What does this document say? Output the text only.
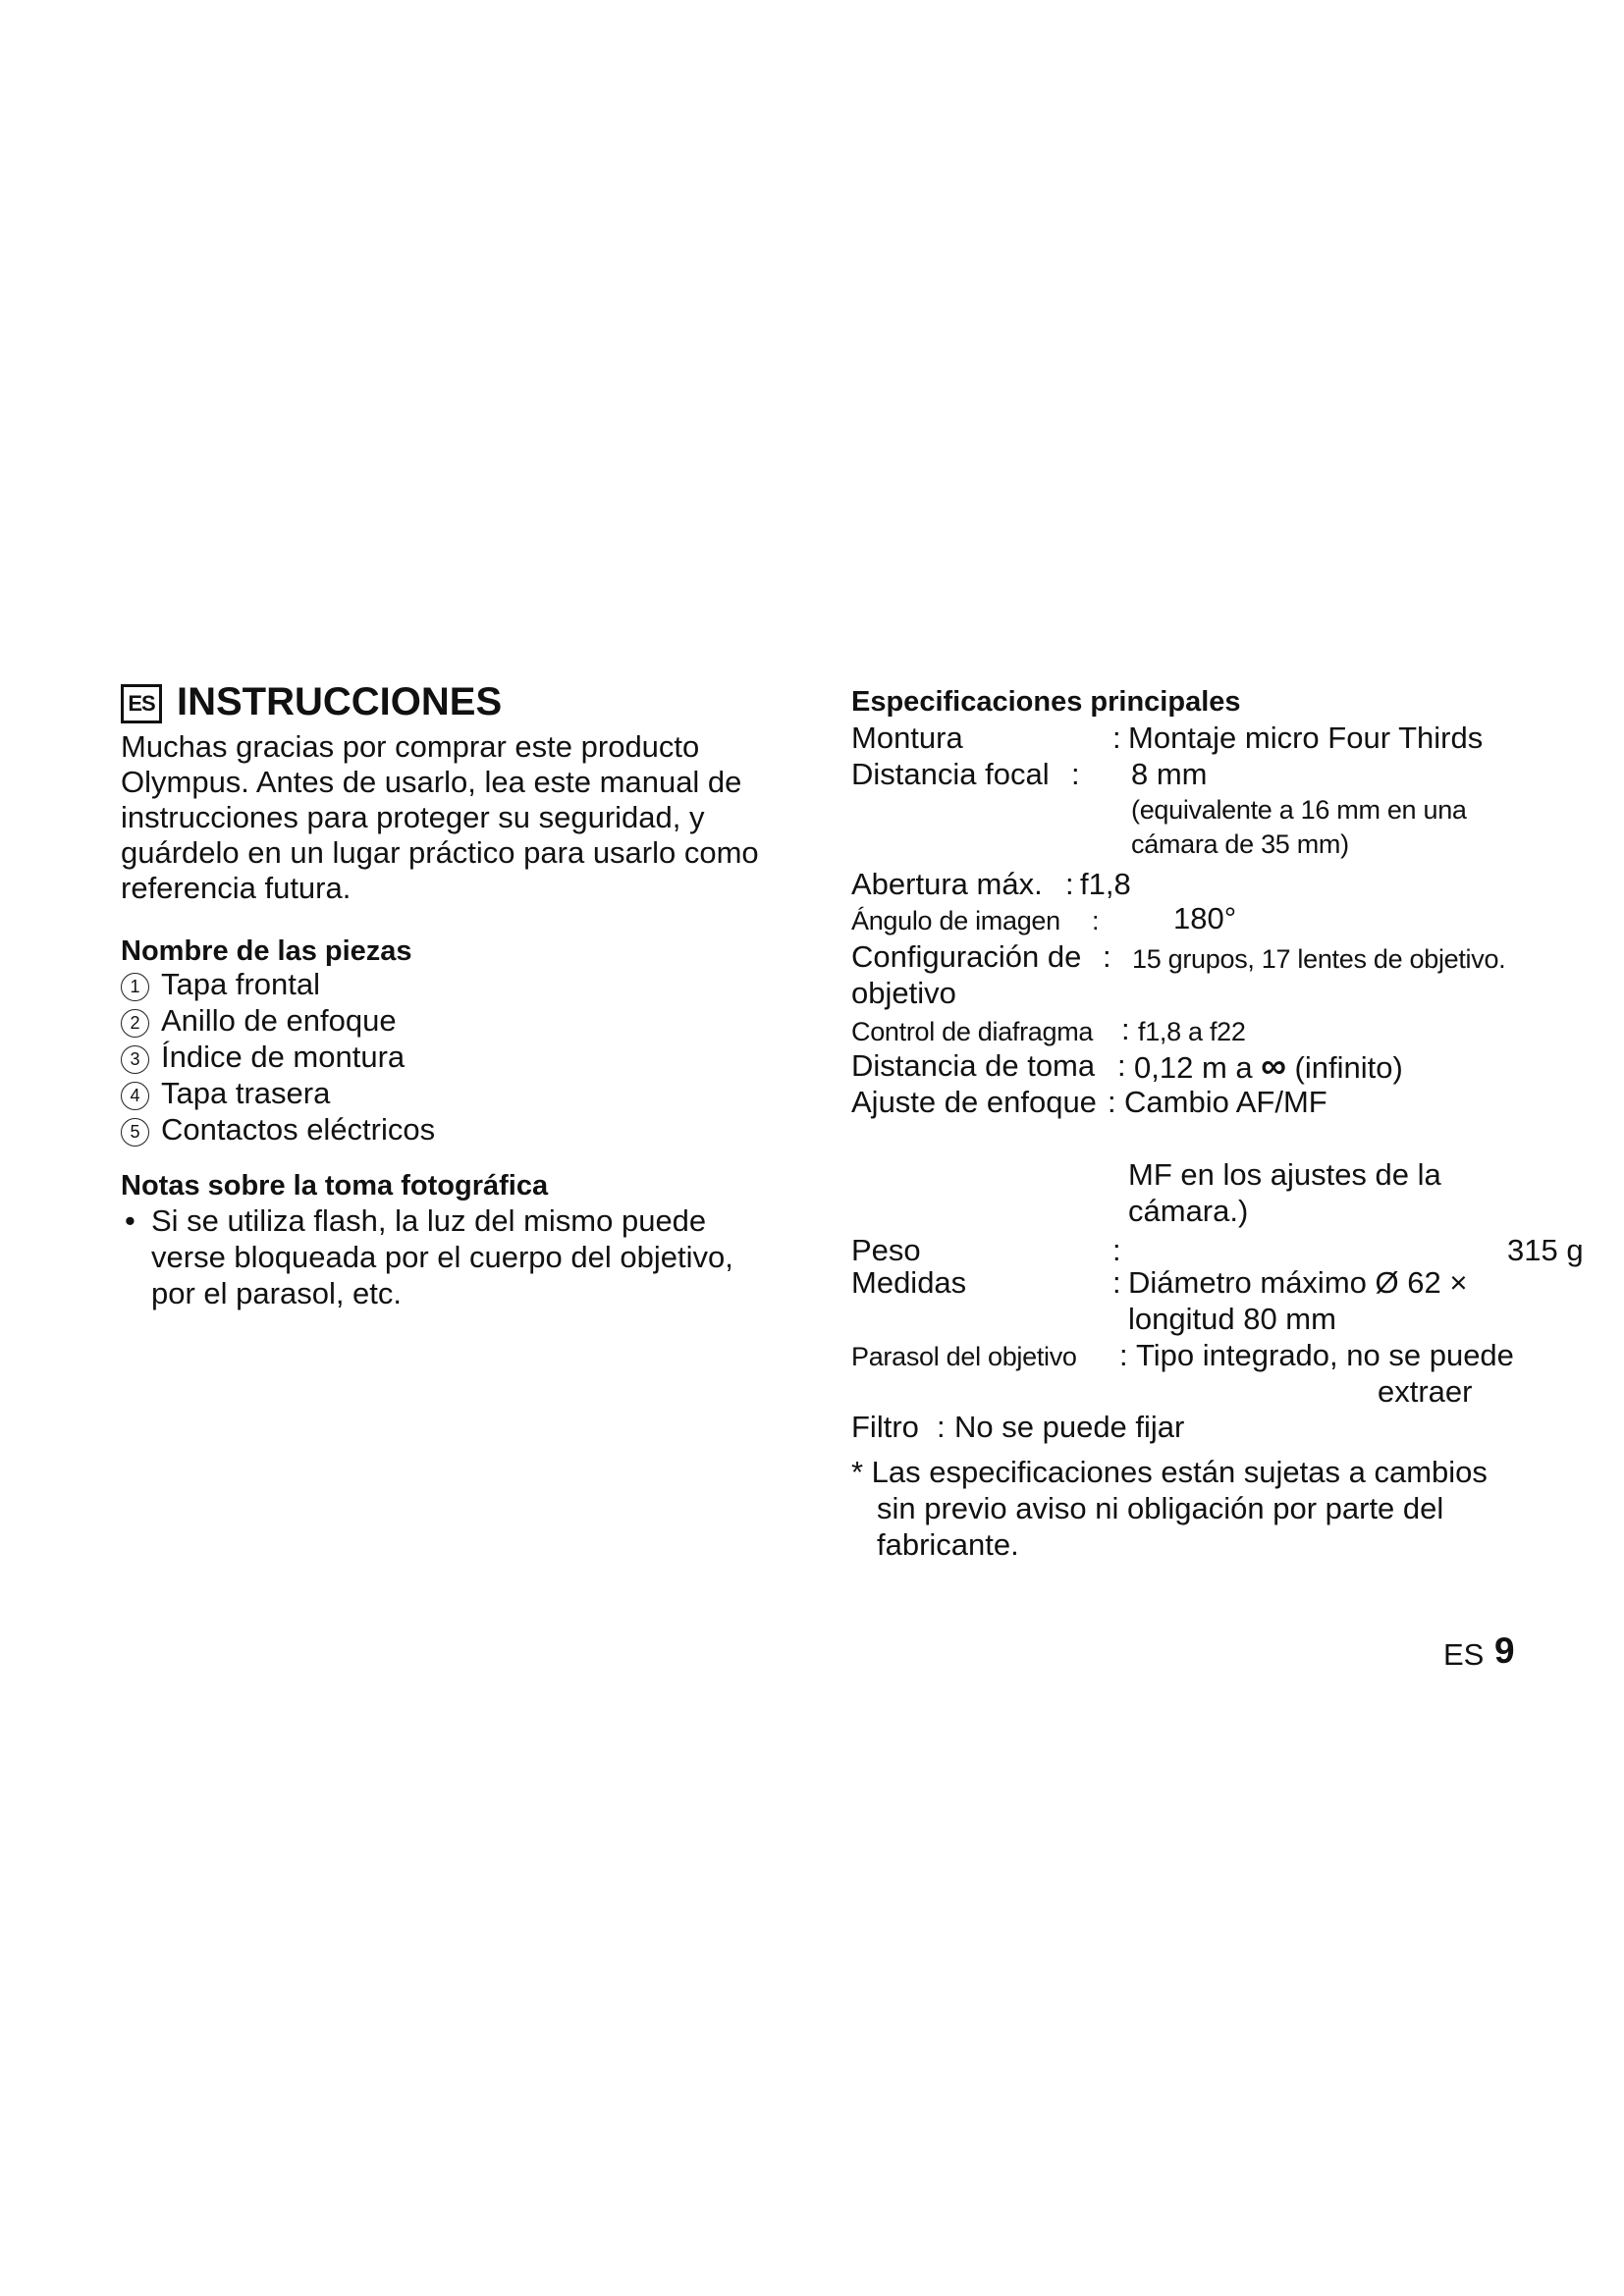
ES INSTRUCCIONES
Muchas gracias por comprar este producto
Olympus. Antes de usarlo, lea este manual de
instrucciones para proteger su seguridad, y
guárdelo en un lugar práctico para usarlo como
referencia futura.
Nombre de las piezas
1 Tapa frontal
2 Anillo de enfoque
3 Índice de montura
4 Tapa trasera
5 Contactos eléctricos
Notas sobre la toma fotográfica
• Si se utiliza flash, la luz del mismo puede
verse bloqueada por el cuerpo del objetivo,
por el parasol, etc.
Especificaciones principales
Montura	: Montaje micro Four Thirds
Distancia focal : 8 mm
(equivalente a 16 mm en una
cámara de 35 mm)
Abertura máx. : f1,8
Ángulo de imagen : 180°
Configuración de : 15 grupos, 17 lentes de objetivo.
objetivo
Control de diafragma : f1,8 a f22
Distancia de toma : 0,12 m a ∞ (infinito)
Ajuste de enfoque : Cambio AF/MF
MF en los ajustes de la
cámara.)
Peso	:	315 g
Medidas	: Diámetro máximo Ø 62 ×
longitud 80 mm
Parasol del objetivo : Tipo integrado, no se puede
extraer
Filtro : No se puede fijar
* Las especificaciones están sujetas a cambios
sin previo aviso ni obligación por parte del
fabricante.
ES 9
